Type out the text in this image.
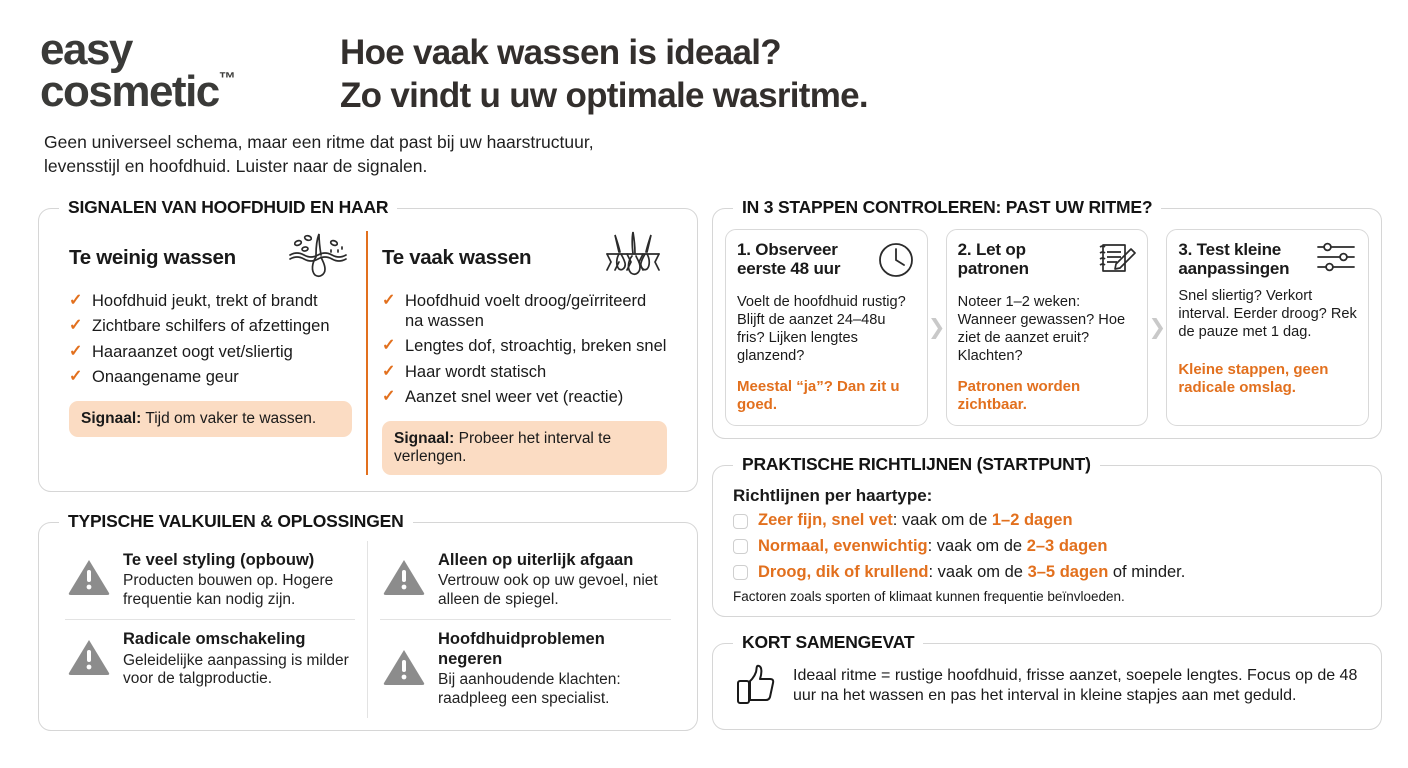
easy
cosmetic™
Hoe vaak wassen is ideaal?
Zo vindt u uw optimale wasritme.
Geen universeel schema, maar een ritme dat past bij uw haarstructuur, levensstijl en hoofdhuid. Luister naar de signalen.
SIGNALEN VAN HOOFDHUID EN HAAR
Te weinig wassen
✓ Hoofdhuid jeukt, trekt of brandt
✓ Zichtbare schilfers of afzettingen
✓ Haaraanzet oogt vet/sliertig
✓ Onaangename geur
Signaal: Tijd om vaker te wassen.
Te vaak wassen
✓ Hoofdhuid voelt droog/geïrriteerd na wassen
✓ Lengtes dof, stroachtig, breken snel
✓ Haar wordt statisch
✓ Aanzet snel weer vet (reactie)
Signaal: Probeer het interval te verlengen.
TYPISCHE VALKUILEN & OPLOSSINGEN
Te veel styling (opbouw)

Producten bouwen op. Hogere frequentie kan nodig zijn.

Radicale omschakeling

Geleidelijke aanpassing is milder voor de talgproductie.

Alleen op uiterlijk afgaan

Vertrouw ook op uw gevoel, niet alleen de spiegel.

Hoofdhuidproblemen negeren

Bij aanhoudende klachten: raadpleeg een specialist.

IN 3 STAPPEN CONTROLEREN: PAST UW RITME?
1. Observeer eerste 48 uur
Voelt de hoofdhuid rustig? Blijft de aanzet 24–48u fris? Lijken lengtes glanzend?
Meestal “ja”? Dan zit u goed.
❯
2. Let op patronen
Noteer 1–2 weken: Wanneer gewassen? Hoe ziet de aanzet eruit? Klachten?
Patronen worden zichtbaar.
❯
3. Test kleine aanpassingen
Snel sliertig? Verkort interval. Eerder droog? Rek de pauze met 1 dag.
Kleine stappen, geen radicale omslag.
PRAKTISCHE RICHTLIJNEN (STARTPUNT)
Richtlijnen per haartype:
Zeer fijn, snel vet: vaak om de 1–2 dagen
Normaal, evenwichtig: vaak om de 2–3 dagen
Droog, dik of krullend: vaak om de 3–5 dagen of minder.
Factoren zoals sporten of klimaat kunnen frequentie beïnvloeden.
KORT SAMENGEVAT
Ideaal ritme = rustige hoofdhuid, frisse aanzet, soepele lengtes. Focus op de 48 uur na het wassen en pas het interval in kleine stapjes aan met geduld.
